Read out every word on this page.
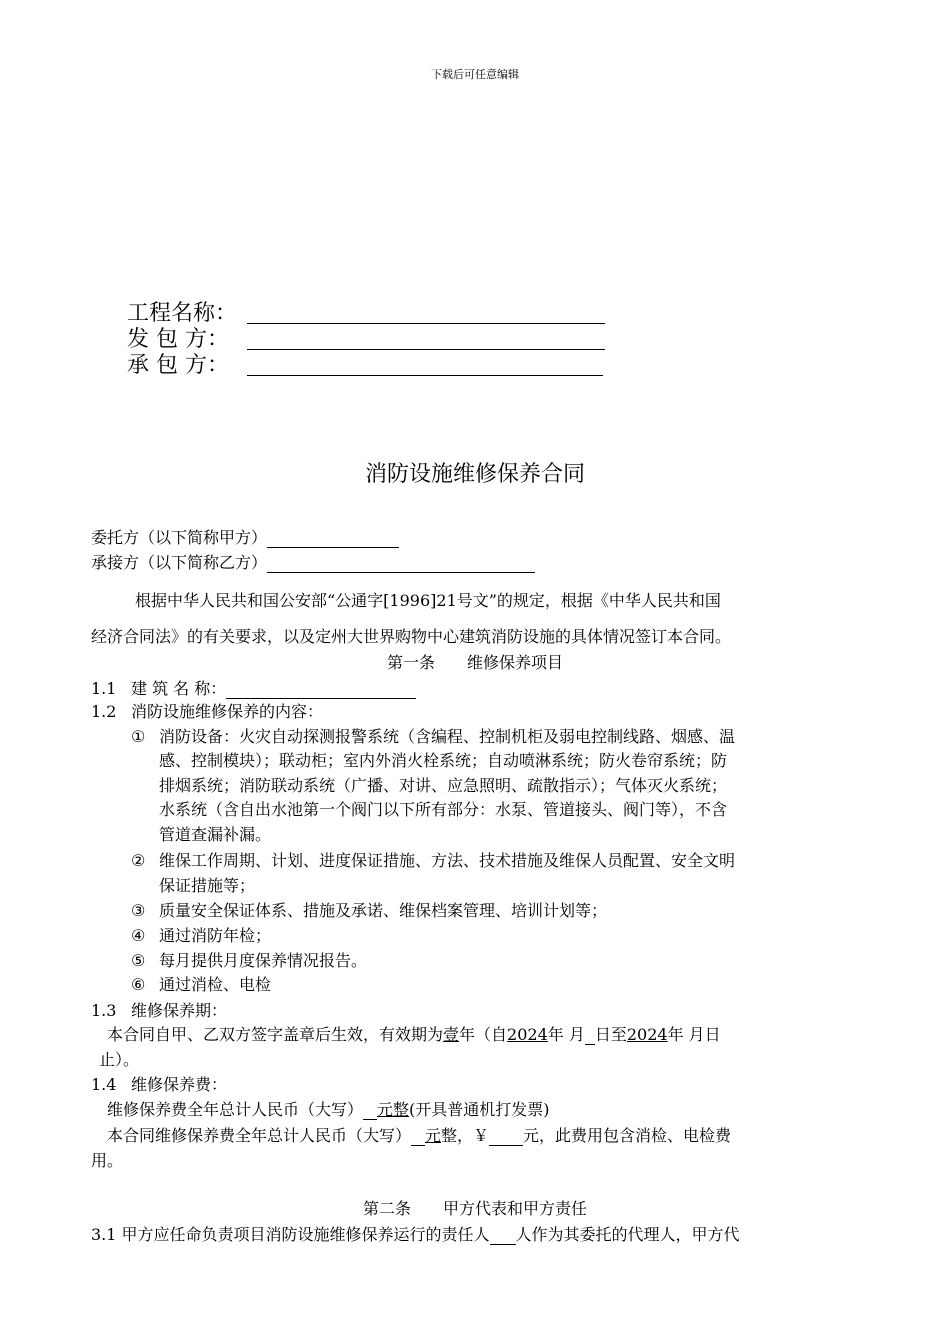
下载后可任意编辑
工程名称：
发 包 方：
承 包 方：
消防设施维修保养合同
委托方（以下简称甲方）
承接方（以下简称乙方）
根据中华人民共和国公安部“公通字[1996]21号文”的规定，根据《中华人民共和国
经济合同法》的有关要求，以及定州大世界购物中心建筑消防设施的具体情况签订本合同。
第一条　　维修保养项目
1.1 建 筑 名 称：
1.2 消防设施维修保养的内容：
① 消防设备：火灾自动探测报警系统（含编程、控制机柜及弱电控制线路、烟感、温
感、控制模块）；联动柜；室内外消火栓系统；自动喷淋系统；防火卷帘系统；防
排烟系统；消防联动系统（广播、对讲、应急照明、疏散指示）；气体灭火系统；
水系统（含自出水池第一个阀门以下所有部分：水泵、管道接头、阀门等），不含
管道查漏补漏。
② 维保工作周期、计划、进度保证措施、方法、技术措施及维保人员配置、安全文明
保证措施等；
③ 质量安全保证体系、措施及承诺、维保档案管理、培训计划等；
④ 通过消防年检；
⑤ 每月提供月度保养情况报告。
⑥ 通过消检、电检
1.3 维修保养期：
本合同自甲、乙双方签字盖章后生效，有效期为壹年（自2024年 月 日至2024年 月日
止）。
1.4 维修保养费：
维修保养费全年总计人民币（大写） 元整(开具普通机打发票)
本合同维修保养费全年总计人民币（大写） 元整，￥ 元，此费用包含消检、电检费
用。
第二条　　甲方代表和甲方责任
3.1 甲方应任命负责项目消防设施维修保养运行的责任人 人作为其委托的代理人，甲方代
